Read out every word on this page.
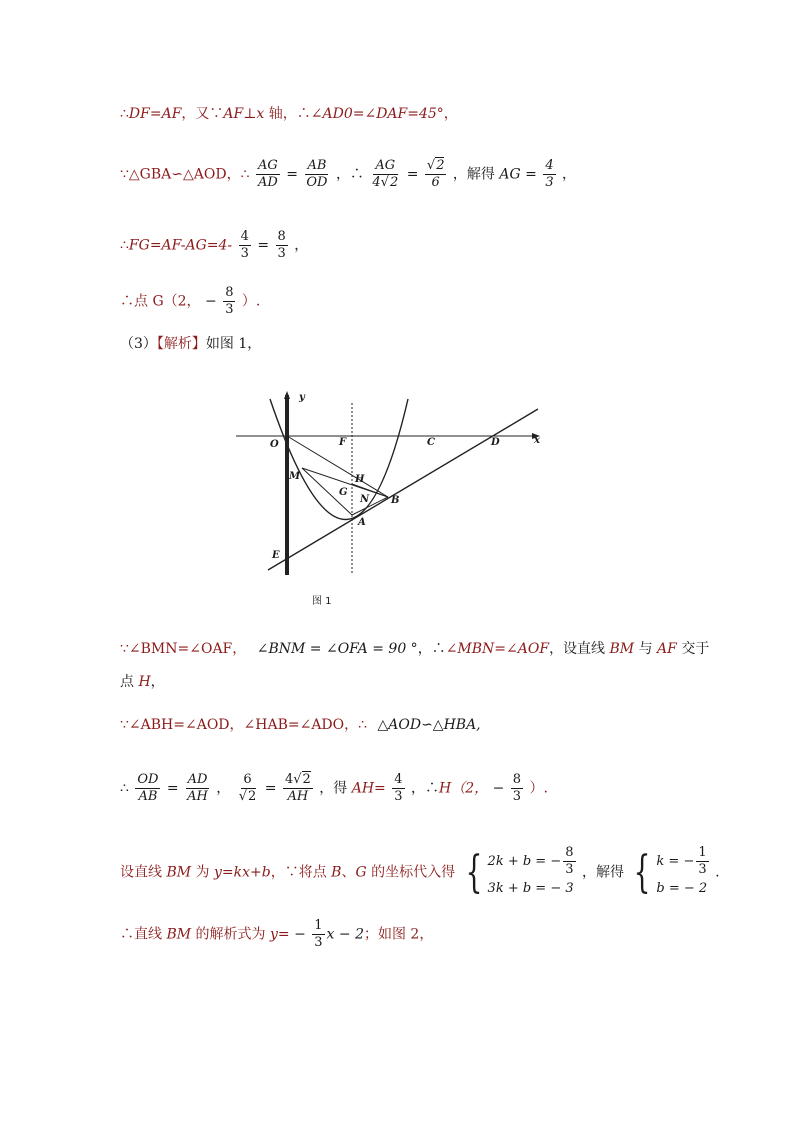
∴DF=AF，又∵AF⊥x 轴，∴∠AD0=∠DAF=45°，
∵△GBA∽△AOD，∴ $\frac{AG}{AD} = \frac{AB}{OD}$ ，∴ $\frac{AG}{4√2} = \frac{√2}{6}$ ，解得 AG = $\frac{4}{3}$ ，
∴FG=AF-AG=4- $\frac{4}{3} = \frac{8}{3}$ ，
∴点 G（2， − $\frac{8}{3}$ ）.
（3）【解析】如图 1，
y
x
O	F	C	D
M	H
G
N B
A
E
图 1
∵∠BMN=∠OAF， ∠BNM = ∠OFA = 90 °，∴∠MBN=∠AOF，设直线 BM 与 AF 交于
点 H，
∵∠ABH=∠AOD，∠HAB=∠ADO，∴ △AOD∽△HBA,
∴ $\frac{OD}{AB} = \frac{AD}{AH}$ ， $\frac{6}{√2} = \frac{4√2}{AH}$ ，得 $AH= \frac{4}{3}$ ，∴H（2， − $\frac{8}{3}$ ）.
设直线 BM 为 y=kx+b，∵将点 B、G 的坐标代入得 { 2k + b = − $\frac{8}{3}$
3k + b = − 3
，解得 { k = − $\frac{1}{3}$
b = − 2
.
∴直线 BM 的解析式为 $y= - \frac{1}{3}$ x − 2；如图 2，
